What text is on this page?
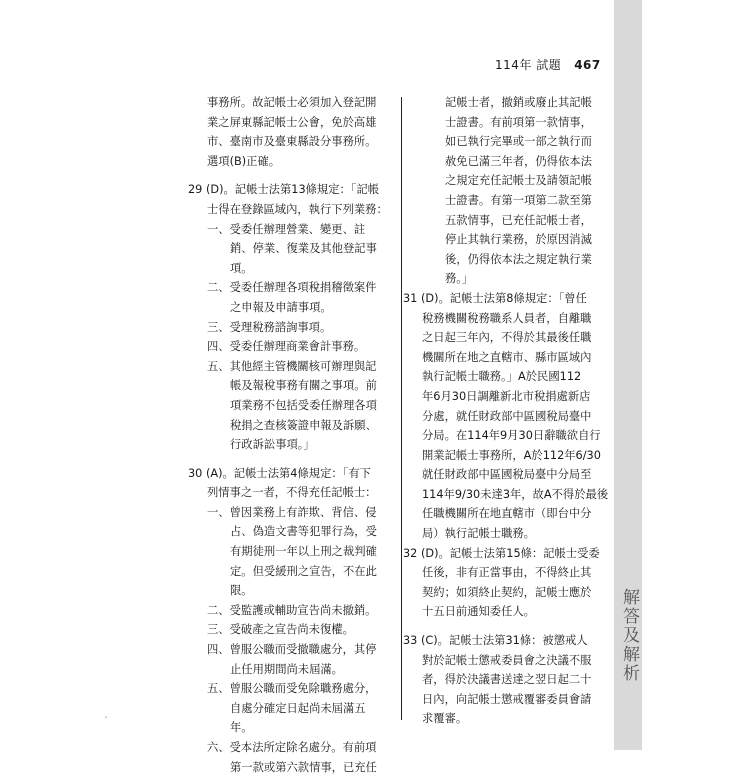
114年 試題 467
解答及解析
事務所。故記帳士必須加入登記開
業之屏東縣記帳士公會，免於高雄
市、臺南市及臺東縣設分事務所。
選項(B)正確。
29 (D)。記帳士法第13條規定：「記帳
士得在登錄區域內，執行下列業務：
一、受委任辦理營業、變更、註
銷、停業、復業及其他登記事
項。
二、受委任辦理各項稅捐稽徵案件
之申報及申請事項。
三、受理稅務諮詢事項。
四、受委任辦理商業會計事務。
五、其他經主管機關核可辦理與記
帳及報稅事務有關之事項。前
項業務不包括受委任辦理各項
稅捐之查核簽證申報及訴願、
行政訴訟事項。」
30 (A)。記帳士法第4條規定：「有下
列情事之一者，不得充任記帳士：
一、曾因業務上有詐欺、背信、侵
占、偽造文書等犯罪行為，受
有期徒刑一年以上刑之裁判確
定。但受緩刑之宣告，不在此
限。
二、受監護或輔助宣告尚未撤銷。
三、受破產之宣告尚未復權。
四、曾服公職而受撤職處分，其停
止任用期間尚未屆滿。
五、曾服公職而受免除職務處分，
自處分確定日起尚未屆滿五
年。
六、受本法所定除名處分。有前項
第一款或第六款情事，已充任
記帳士者，撤銷或廢止其記帳
士證書。有前項第一款情事，
如已執行完畢或一部之執行而
赦免已滿三年者，仍得依本法
之規定充任記帳士及請領記帳
士證書。有第一項第二款至第
五款情事，已充任記帳士者，
停止其執行業務，於原因消滅
後，仍得依本法之規定執行業
務。」
31 (D)。記帳士法第8條規定：「曾任
稅務機關稅務職系人員者，自離職
之日起三年內，不得於其最後任職
機關所在地之直轄市、縣市區域內
執行記帳士職務。」A於民國112
年6月30日調離新北市稅捐處新店
分處，就任財政部中區國稅局臺中
分局。在114年9月30日辭職欲自行
開業記帳士事務所，A於112年6/30
就任財政部中區國稅局臺中分局至
114年9/30未達3年，故A不得於最後
任職機關所在地直轄市（即台中分
局）執行記帳士職務。
32 (D)。記帳士法第15條：記帳士受委
任後，非有正當事由，不得終止其
契約；如須終止契約，記帳士應於
十五日前通知委任人。
33 (C)。記帳士法第31條：被懲戒人
對於記帳士懲戒委員會之決議不服
者，得於決議書送達之翌日起二十
日內，向記帳士懲戒覆審委員會請
求覆審。
ˇ
